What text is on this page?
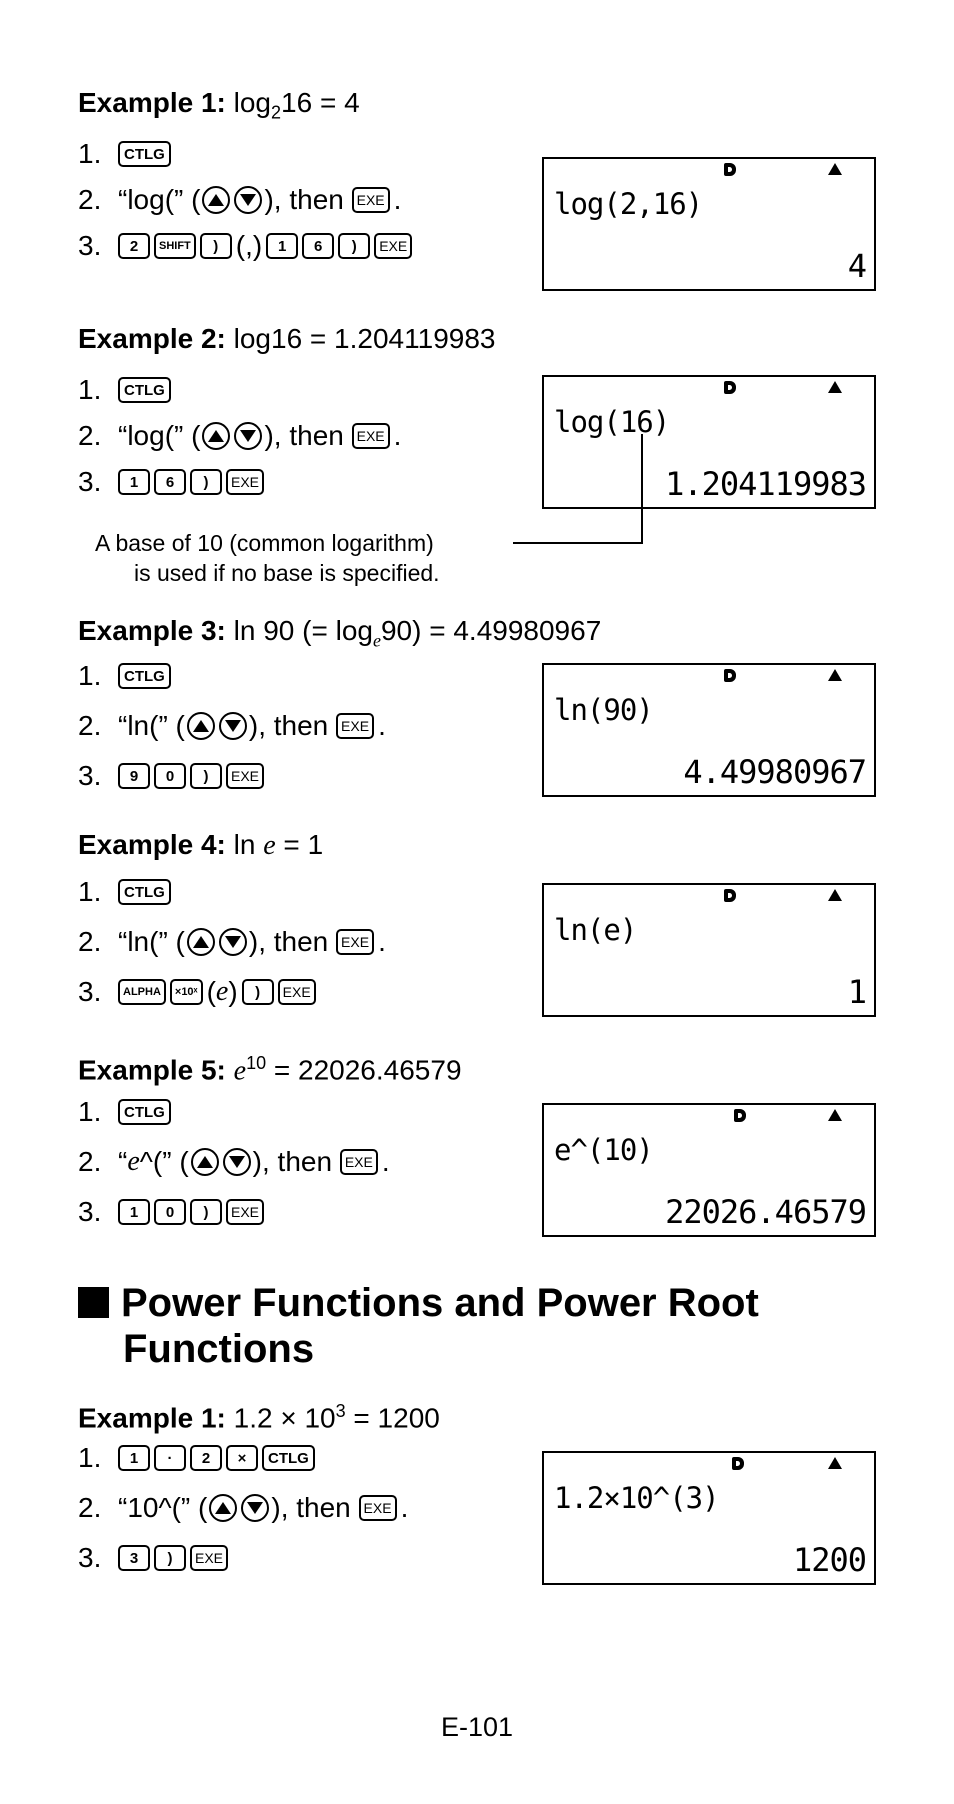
Example 1: $\log_216 = 4$
1.	CTLG
2. “log(”
( ), then
EXE .
3.	2	SHIFT	) (,)	1	6	)	EXE
log(2,16)
4
Example 2: log16 = 1.204119983
1.	CTLG
2. “log(”
( ), then
EXE .
3.	1	6	)	EXE
log(16)
1.204119983
A base of 10 (common logarithm)
is used if no base is specified.
Example 3: ln 90 (= $\log_e90) = 4.49980967$
1.	CTLG
2. “ln(”
( ), then
EXE .
3.	9	0	)	EXE
ln(90)
4.49980967
Example 4: ln e = 1
1.	CTLG
2. “ln(”
( ), then
EXE .
3.	ALPHA	×10ˣ ( e )	)	EXE
ln(e)
1
Example 5: $e^{10} = 22026.46579$
1.	CTLG
2. “ e ^(”
( ), then
EXE .
3.	1	0	)	EXE
e^(10)
22026.46579
Power Functions and Power Root
Functions
Example 1: $1.2 \times 10^3 = 1200$
1.	1	·	2	×	CTLG
2. “10^(”
( ), then
EXE .
3.	3	)	EXE
1.2×10^(3)
1200
E-101
